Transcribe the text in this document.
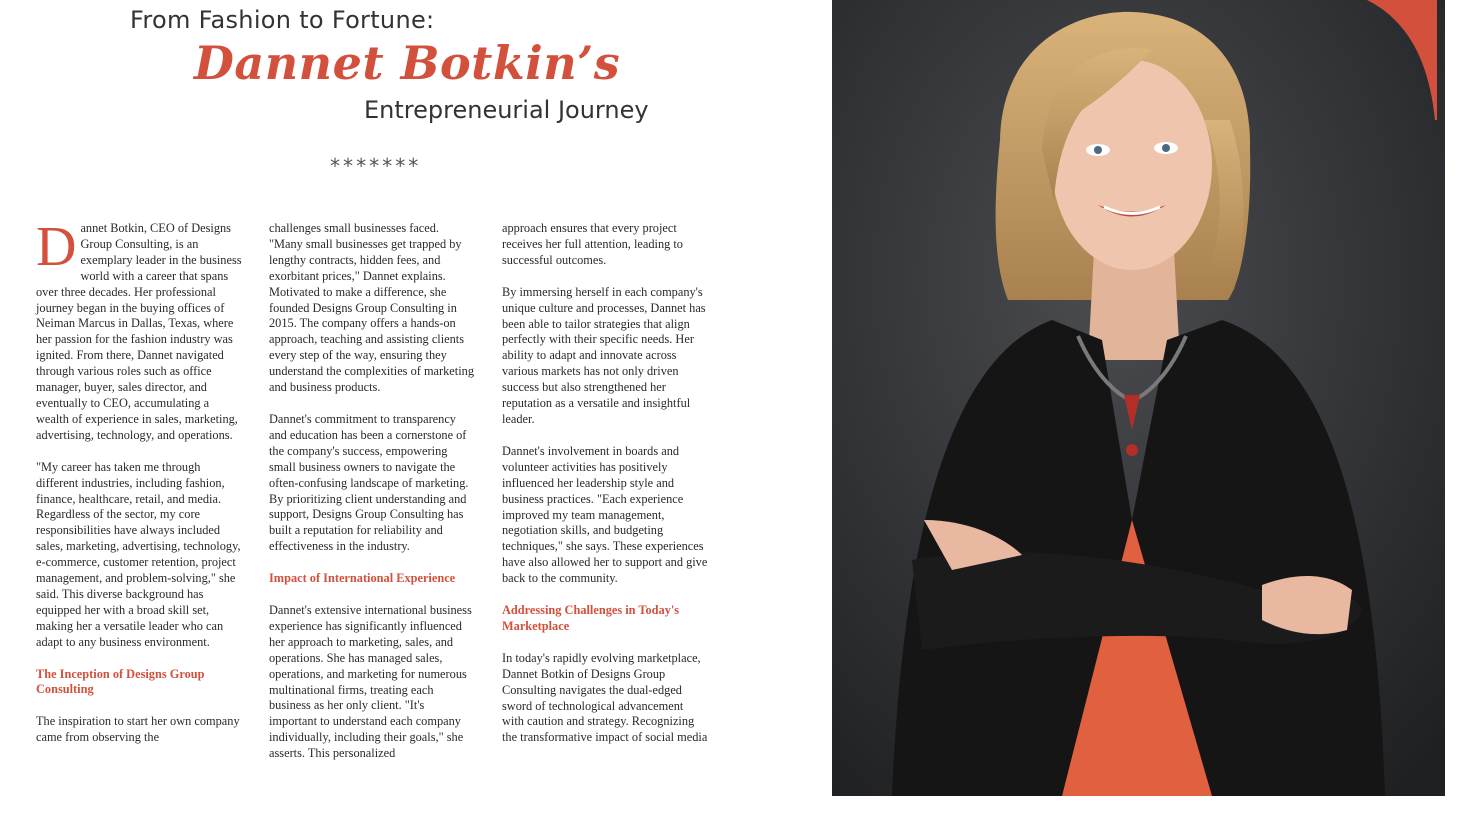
From Fashion to Fortune:
Dannet Botkin’s
Entrepreneurial Journey
*******

Dannet Botkin, CEO of Designs Group Consulting, is an exemplary leader in the business world with a career that spans over three decades. Her professional journey began in the buying offices of Neiman Marcus in Dallas, Texas, where her passion for the fashion industry was ignited. From there, Dannet navigated through various roles such as office manager, buyer, sales director, and eventually to CEO, accumulating a wealth of experience in sales, marketing, advertising, technology, and operations.

"My career has taken me through different industries, including fashion, finance, healthcare, retail, and media. Regardless of the sector, my core responsibilities have always included sales, marketing, advertising, technology, e-commerce, customer retention, project management, and problem-solving," she said. This diverse background has equipped her with a broad skill set, making her a versatile leader who can adapt to any business environment.

The Inception of Designs Group Consulting

The inspiration to start her own company came from observing the

challenges small businesses faced. "Many small businesses get trapped by lengthy contracts, hidden fees, and exorbitant prices," Dannet explains. Motivated to make a difference, she founded Designs Group Consulting in 2015. The company offers a hands-on approach, teaching and assisting clients every step of the way, ensuring they understand the complexities of marketing and business products.

Dannet's commitment to transparency and education has been a cornerstone of the company's success, empowering small business owners to navigate the often-confusing landscape of marketing. By prioritizing client understanding and support, Designs Group Consulting has built a reputation for reliability and effectiveness in the industry.

Impact of International Experience

Dannet's extensive international business experience has significantly influenced her approach to marketing, sales, and operations. She has managed sales, operations, and marketing for numerous multinational firms, treating each business as her only client. "It's important to understand each company individually, including their goals," she asserts. This personalized

approach ensures that every project receives her full attention, leading to successful outcomes.

By immersing herself in each company's unique culture and processes, Dannet has been able to tailor strategies that align perfectly with their specific needs. Her ability to adapt and innovate across various markets has not only driven success but also strengthened her reputation as a versatile and insightful leader.

Dannet's involvement in boards and volunteer activities has positively influenced her leadership style and business practices. "Each experience improved my team management, negotiation skills, and budgeting techniques," she says. These experiences have also allowed her to support and give back to the community.

Addressing Challenges in Today's Marketplace

In today's rapidly evolving marketplace, Dannet Botkin of Designs Group Consulting navigates the dual-edged sword of technological advancement with caution and strategy. Recognizing the transformative impact of social media
